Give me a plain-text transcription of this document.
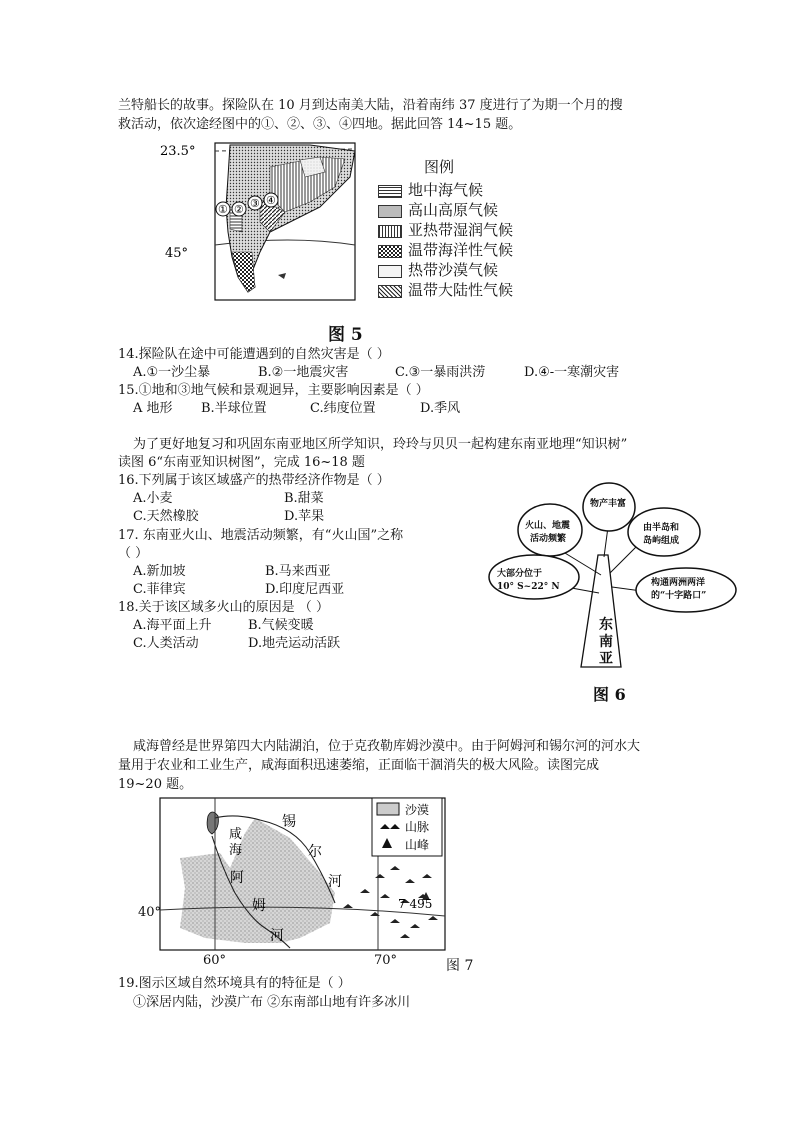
兰特船长的故事。探险队在 10 月到达南美大陆，沿着南纬 37 度进行了为期一个月的搜
救活动，依次途经图中的①、②、③、④四地。据此回答 14~15 题。
23.5°
45°
① ② ③ ④
图例
地中海气候
高山高原气候
亚热带湿润气候
温带海洋性气候
热带沙漠气候
温带大陆性气候
图 5
14.探险队在途中可能遭遇到的自然灾害是（ ）
A.①一沙尘暴	B.②一地震灾害	C.③一暴雨洪涝	D.④-一寒潮灾害
15.①地和③地气候和景观迥异，主要影响因素是（ ）
A 地形 B.半球位置	C.纬度位置	D.季风
为了更好地复习和巩固东南亚地区所学知识，玲玲与贝贝一起构建东南亚地理“知识树”
读图 6“东南亚知识树图”，完成 16~18 题
16.下列属于该区域盛产的热带经济作物是（ ）
A.小麦	B.甜菜
C.天然橡胶	D.苹果
17. 东南亚火山、地震活动频繁，有“火山国”之称
（ ）
A.新加坡	B.马来西亚
C.菲律宾	D.印度尼西亚
18.关于该区域多火山的原因是 （ ）
A.海平面上升	B.气候变暖
C.人类活动	D.地壳运动活跃
物产丰富
火山、地震
活动频繁
由半岛和
岛屿组成
大部分位于
10° S~22° N	构通两洲两洋
的“十字路口”
东
南
亚
图 6
咸海曾经是世界第四大内陆湖泊，位于克孜勒库姆沙漠中。由于阿姆河和锡尔河的河水大
量用于农业和工业生产，咸海面积迅速萎缩，正面临干涸消失的极大风险。读图完成
19~20 题。
咸
海
锡
尔
河
阿
姆
河
7 495
40°
60°	70°
沙漠
山脉
山峰
图 7
19.图示区域自然环境具有的特征是（ ）
①深居内陆，沙漠广布 ②东南部山地有许多冰川
